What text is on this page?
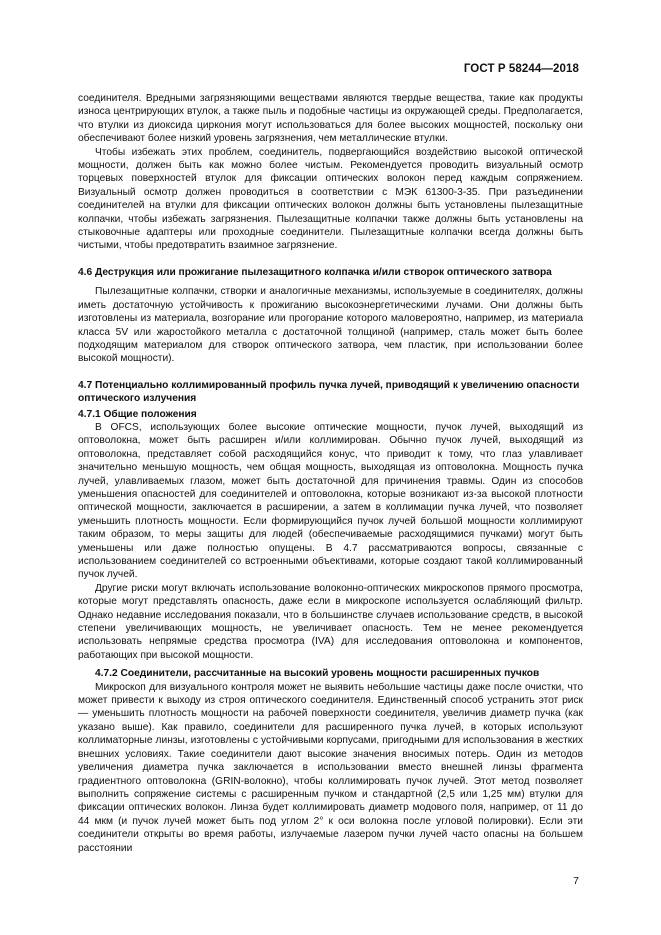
ГОСТ Р 58244—2018

соединителя. Вредными загрязняющими веществами являются твердые вещества, такие как продукты износа центрирующих втулок, а также пыль и подобные частицы из окружающей среды. Предполагается, что втулки из диоксида циркония могут использоваться для более высоких мощностей, поскольку они обеспечивают более низкий уровень загрязнения, чем металлические втулки.

Чтобы избежать этих проблем, соединитель, подвергающийся воздействию высокой оптической мощности, должен быть как можно более чистым. Рекомендуется проводить визуальный осмотр торцевых поверхностей втулок для фиксации оптических волокон перед каждым сопряжением. Визуальный осмотр должен проводиться в соответствии с МЭК 61300-3-35. При разъединении соединителей на втулки для фиксации оптических волокон должны быть установлены пылезащитные колпачки, чтобы избежать загрязнения. Пылезащитные колпачки также должны быть установлены на стыковочные адаптеры или проходные соединители. Пылезащитные колпачки всегда должны быть чистыми, чтобы предотвратить взаимное загрязнение.

4.6 Деструкция или прожигание пылезащитного колпачка и/или створок оптического затвора

Пылезащитные колпачки, створки и аналогичные механизмы, используемые в соединителях, должны иметь достаточную устойчивость к прожиганию высокоэнергетическими лучами. Они должны быть изготовлены из материала, возгорание или прогорание которого маловероятно, например, из материала класса 5V или жаростойкого металла с достаточной толщиной (например, сталь может быть более подходящим материалом для створок оптического затвора, чем пластик, при использовании более высокой мощности).

4.7 Потенциально коллимированный профиль пучка лучей, приводящий к увеличению опасности оптического излучения

4.7.1 Общие положения

В OFCS, использующих более высокие оптические мощности, пучок лучей, выходящий из оптоволокна, может быть расширен и/или коллимирован. Обычно пучок лучей, выходящий из оптоволокна, представляет собой расходящийся конус, что приводит к тому, что глаз улавливает значительно меньшую мощность, чем общая мощность, выходящая из оптоволокна. Мощность пучка лучей, улавливаемых глазом, может быть достаточной для причинения травмы. Один из способов уменьшения опасностей для соединителей и оптоволокна, которые возникают из-за высокой плотности оптической мощности, заключается в расширении, а затем в коллимации пучка лучей, что позволяет уменьшить плотность мощности. Если формирующийся пучок лучей большой мощности коллимируют таким образом, то меры защиты для людей (обеспечиваемые расходящимися пучками) могут быть уменьшены или даже полностью опущены. В 4.7 рассматриваются вопросы, связанные с использованием соединителей со встроенными объективами, которые создают такой коллимированный пучок лучей.

Другие риски могут включать использование волоконно-оптических микроскопов прямого просмотра, которые могут представлять опасность, даже если в микроскопе используется ослабляющий фильтр. Однако недавние исследования показали, что в большинстве случаев использование средств, в высокой степени увеличивающих мощность, не увеличивает опасность. Тем не менее рекомендуется использовать непрямые средства просмотра (IVA) для исследования оптоволокна и компонентов, работающих при высокой мощности.

4.7.2 Соединители, рассчитанные на высокий уровень мощности расширенных пучков

Микроскоп для визуального контроля может не выявить небольшие частицы даже после очистки, что может привести к выходу из строя оптического соединителя. Единственный способ устранить этот риск — уменьшить плотность мощности на рабочей поверхности соединителя, увеличив диаметр пучка (как указано выше). Как правило, соединители для расширенного пучка лучей, в которых используют коллиматорные линзы, изготовлены с устойчивыми корпусами, пригодными для использования в жестких внешних условиях. Такие соединители дают высокие значения вносимых потерь. Один из методов увеличения диаметра пучка заключается в использовании вместо внешней линзы фрагмента градиентного оптоволокна (GRIN-волокно), чтобы коллимировать пучок лучей. Этот метод позволяет выполнить сопряжение системы с расширенным пучком и стандартной (2,5 или 1,25 мм) втулки для фиксации оптических волокон. Линза будет коллимировать диаметр модового поля, например, от 11 до 44 мкм (и пучок лучей может быть под углом 2° к оси волокна после угловой полировки). Если эти соединители открыты во время работы, излучаемые лазером пучки лучей часто опасны на большем расстоянии

7
